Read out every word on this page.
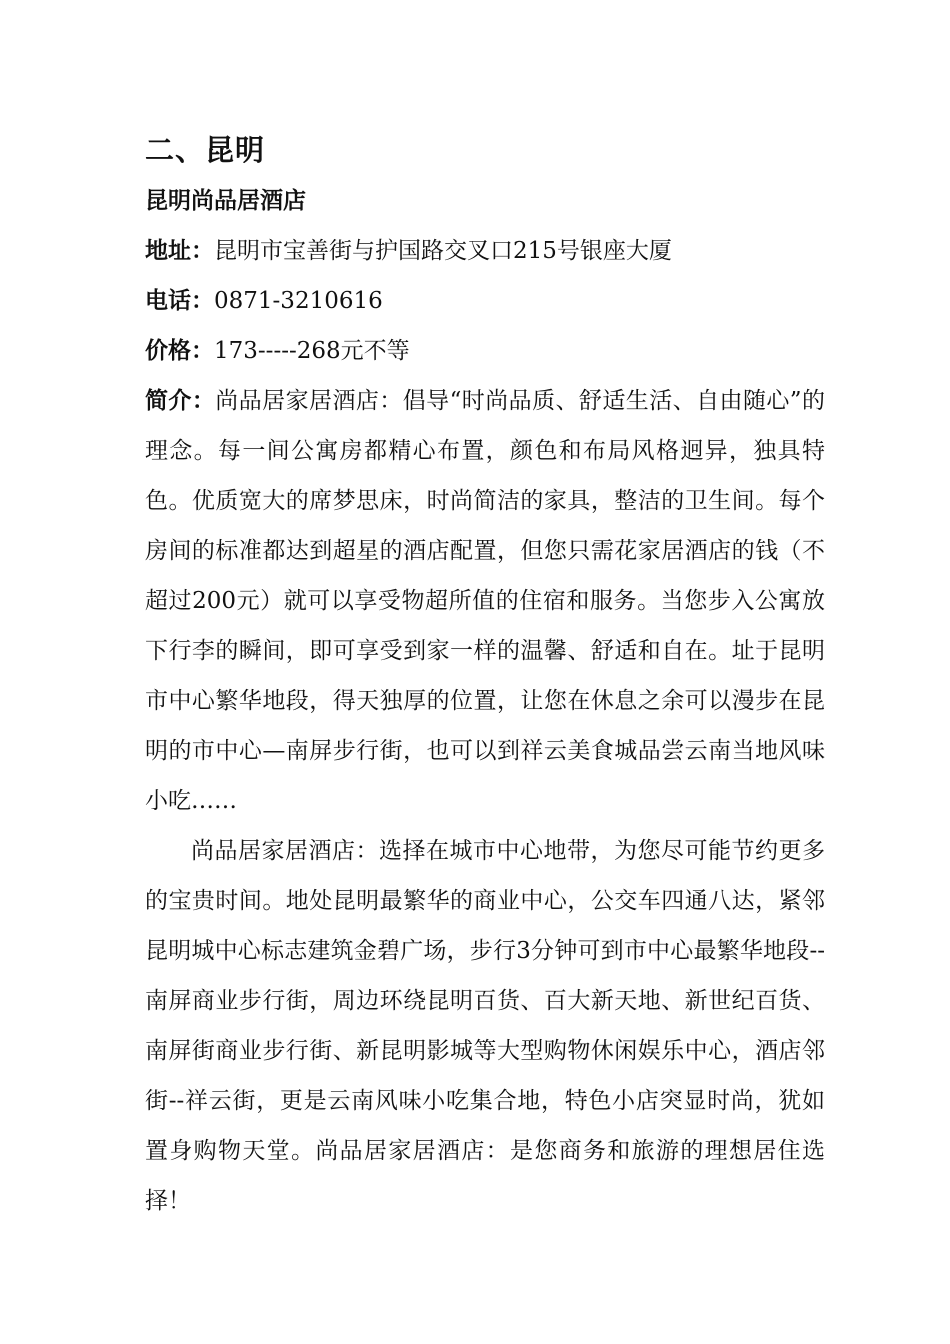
二、昆明
昆明尚品居酒店

地址：昆明市宝善街与护国路交叉口215号银座大厦

电话：0871-3210616

价格：173-----268元不等

简介：尚品居家居酒店：倡导“时尚品质、舒适生活、自由随心”的理念。每一间公寓房都精心布置，颜色和布局风格迥异，独具特色。优质宽大的席梦思床，时尚简洁的家具，整洁的卫生间。每个房间的标准都达到超星的酒店配置，但您只需花家居酒店的钱（不超过200元）就可以享受物超所值的住宿和服务。当您步入公寓放下行李的瞬间，即可享受到家一样的温馨、舒适和自在。址于昆明市中心繁华地段，得天独厚的位置，让您在休息之余可以漫步在昆明的市中心—南屏步行街，也可以到祥云美食城品尝云南当地风味小吃……

尚品居家居酒店：选择在城市中心地带，为您尽可能节约更多的宝贵时间。地处昆明最繁华的商业中心，公交车四通八达，紧邻昆明城中心标志建筑金碧广场，步行3分钟可到市中心最繁华地段--南屏商业步行街，周边环绕昆明百货、百大新天地、新世纪百货、南屏街商业步行街、新昆明影城等大型购物休闲娱乐中心，酒店邻街--祥云街，更是云南风味小吃集合地，特色小店突显时尚，犹如置身购物天堂。尚品居家居酒店：是您商务和旅游的理想居住选择！
